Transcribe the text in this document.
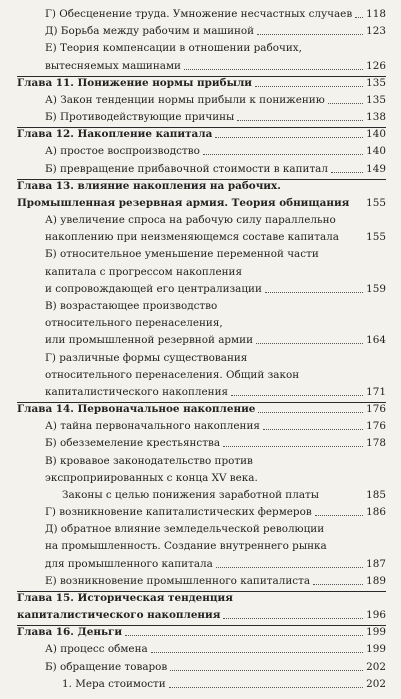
Г) Обесценение труда. Умножение несчастных случаев 118
Д) Борьба между рабочим и машиной	123
Е) Теория компенсации в отношении рабочих,
вытесняемых машинами	126
Глава 11. Понижение нормы прибыли	135
А) Закон тенденции нормы прибыли к понижению	135
Б) Противодействующие причины	138
Глава 12. Накопление капитала	140
А) простое воспроизводство	140
Б) превращение прибавочной стоимости в капитал	149
Глава 13. влияние накопления на рабочих.
Промышленная резервная армия. Теория обнищания 155
А) увеличение спроса на рабочую силу параллельно
накоплению при неизменяющемся составе капитала	155
Б) относительное уменьшение переменной части
капитала с прогрессом накопления
и сопровождающей его централизации	159
В) возрастающее производство
относительного перенаселения,
или промышленной резервной армии	164
Г) различные формы существования
относительного перенаселения. Общий закон
капиталистического накопления	171
Глава 14. Первоначальное накопление	176
А) тайна первоначального накопления	176
Б) обезземеление крестьянства	178
В) кровавое законодательство против
экспроприированных с конца XV века.
Законы с целью понижения заработной платы	185
Г) возникновение капиталистических фермеров	186
Д) обратное влияние земледельческой революции
на промышленность. Создание внутреннего рынка
для промышленного капитала	187
Е) возникновение промышленного капиталиста	189
Глава 15. Историческая тенденция
капиталистического накопления	196
Глава 16. Деньги	199
А) процесс обмена	199
Б) обращение товаров	202
1. Мера стоимости	202
